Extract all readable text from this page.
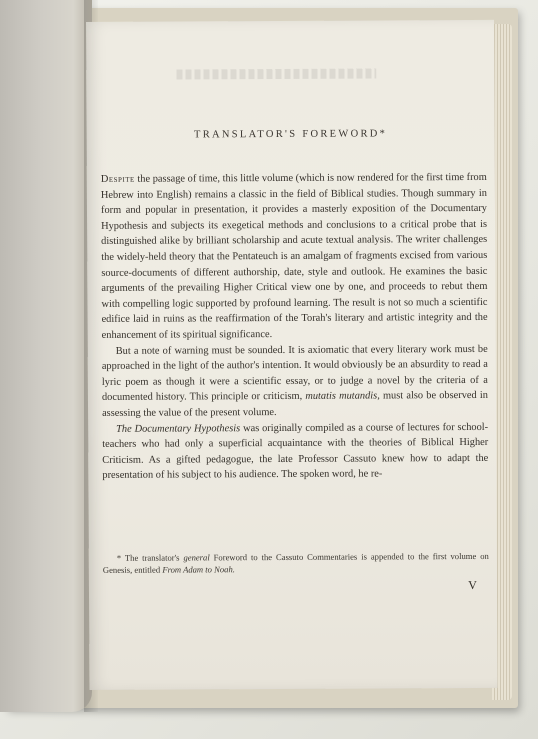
TRANSLATOR'S FOREWORD*

Despite the passage of time, this little volume (which is now rendered for the first time from Hebrew into English) remains a classic in the field of Biblical studies. Though summary in form and popular in presentation, it provides a masterly exposition of the Documentary Hypothesis and subjects its exegetical methods and conclusions to a critical probe that is distinguished alike by brilliant scholarship and acute textual analysis. The writer challenges the widely-held theory that the Pentateuch is an amalgam of fragments excised from various source-documents of different authorship, date, style and outlook. He examines the basic arguments of the prevailing Higher Critical view one by one, and proceeds to rebut them with compelling logic supported by profound learning. The result is not so much a scientific edifice laid in ruins as the reaffirmation of the Torah's literary and artistic integrity and the enhancement of its spiritual significance.

But a note of warning must be sounded. It is axiomatic that every literary work must be approached in the light of the author's intention. It would obviously be an absurdity to read a lyric poem as though it were a scientific essay, or to judge a novel by the criteria of a documented history. This principle or criticism, mutatis mutandis, must also be observed in assessing the value of the present volume.

The Documentary Hypothesis was originally compiled as a course of lectures for school-teachers who had only a superficial acquaintance with the theories of Biblical Higher Criticism. As a gifted pedagogue, the late Professor Cassuto knew how to adapt the presentation of his subject to his audience. The spoken word, he re-

* The translator's general Foreword to the Cassuto Commentaries is appended to the first volume on Genesis, entitled From Adam to Noah.
V
